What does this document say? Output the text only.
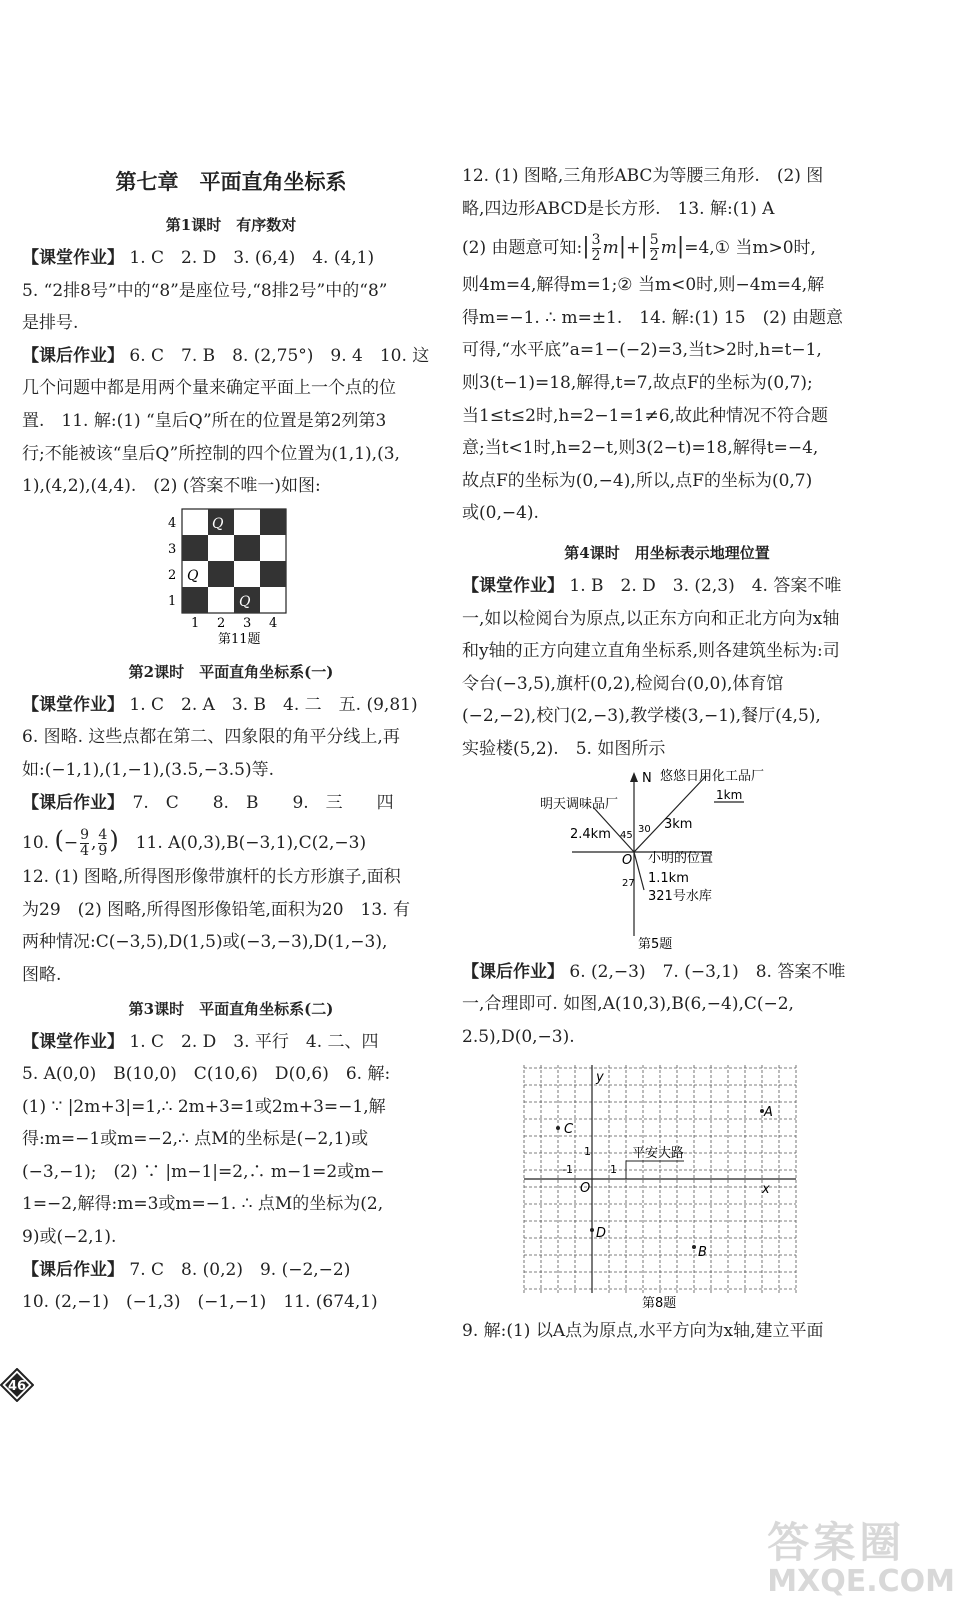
第七章　平面直角坐标系
第1课时　有序数对
【课堂作业】 1. C　2. D　3. (6,4)　4. (4,1)
5. “2排8号”中的“8”是座位号,“8排2号”中的“8”
是排号.
【课后作业】 6. C　7. B　8. (2,75°)　9. 4　10. 这
几个问题中都是用两个量来确定平面上一个点的位
置.　11. 解:(1) “皇后Q”所在的位置是第2列第3
行;不能被该“皇后Q”所控制的四个位置为(1,1),(3,
1),(4,2),(4,4).　(2) (答案不唯一)如图:
4
3
2
1
1 2 3 4
Q
Q
Q
Q
第11题
第2课时　平面直角坐标系(一)
【课堂作业】 1. C　2. A　3. B　4. 二　五. (9,81)
6. 图略. 这些点都在第二、四象限的角平分线上,再
如:(−1,1),(1,−1),(3.5,−3.5)等.
【课后作业】　7.　C　　8.　B　　9.　三　　四
10. (− $\frac{9}{4}$ , $\frac{4}{9}$ )　11. A(0,3),B(−3,1),C(2,−3)
12. (1) 图略,所得图形像带旗杆的长方形旗子,面积
为29　(2) 图略,所得图形像铅笔,面积为20　13. 有
两种情况:C(−3,5),D(1,5)或(−3,−3),D(1,−3),
图略.
第3课时　平面直角坐标系(二)
【课堂作业】 1. C　2. D　3. 平行　4. 二、四
5. A(0,0)　B(10,0)　C(10,6)　D(0,6)　6. 解:
(1) ∵ |2m+3|=1,∴ 2m+3=1或2m+3=−1,解
得:m=−1或m=−2,∴ 点M的坐标是(−2,1)或
(−3,−1);　(2) ∵ |m−1|=2,∴ m−1=2或m−
1=−2,解得:m=3或m=−1. ∴ 点M的坐标为(2,
9)或(−2,1).
【课后作业】 7. C　8. (0,2)　9. (−2,−2)
10. (2,−1)　(−1,3)　(−1,−1)　11. (674,1)
12. (1) 图略,三角形ABC为等腰三角形.　(2) 图
略,四边形ABCD是长方形.　13. 解:(1) A
(2) 由题意可知:| $\frac{3}{2} m|+| \frac{5}{2}$ m|=4,① 当m>0时,
则4m=4,解得m=1;② 当m<0时,则−4m=4,解
得m=−1. ∴ m=±1.　14. 解:(1) 15　(2) 由题意
可得,“水平底”a=1−(−2)=3,当t>2时,h=t−1,
则3(t−1)=18,解得,t=7,故点F的坐标为(0,7);
当1≤t≤2时,h=2−1=1≠6,故此种情况不符合题
意;当t<1时,h=2−t,则3(2−t)=18,解得t=−4,
故点F的坐标为(0,−4),所以,点F的坐标为(0,7)
或(0,−4).
第4课时　用坐标表示地理位置
【课堂作业】 1. B　2. D　3. (2,3)　4. 答案不唯
一,如以检阅台为原点,以正东方向和正北方向为x轴
和y轴的正方向建立直角坐标系,则各建筑坐标为:司
令台(−3,5),旗杆(0,2),检阅台(0,0),体育馆
(−2,−2),校门(2,−3),教学楼(3,−1),餐厅(4,5),
实验楼(5,2).　5. 如图所示
N 悠悠日用化工品厂
1km
明天调味品厂
2.4km 45
30 3km
O 小明的位置
27 1.1km
321号水库
第5题
【课后作业】 6. (2,−3)　7. (−3,1)　8. 答案不唯
一,合理即可. 如图,A(10,3),B(6,−4),C(−2,
2.5),D(0,−3).
y
x
A
B
C
D
O
-1	1
1	平安大路
第8题
9. 解:(1) 以A点为原点,水平方向为x轴,建立平面
46
答案圈
MXQE.COM
